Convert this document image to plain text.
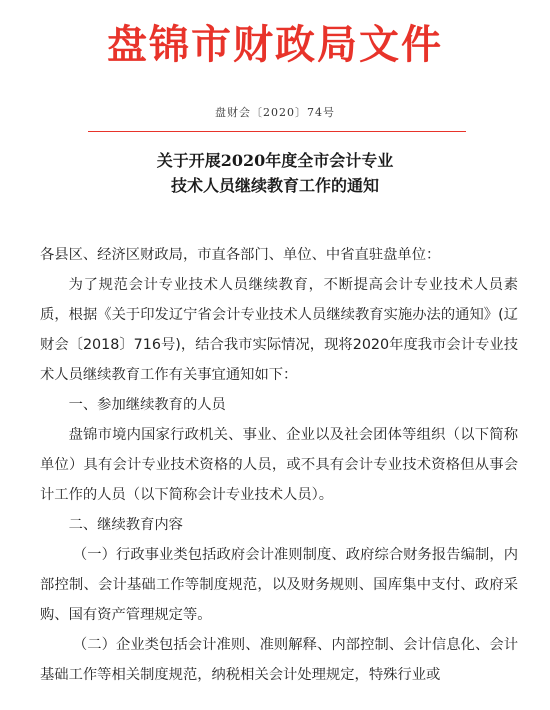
盘锦市财政局文件
盘财会〔2020〕74号
关于开展2020年度全市会计专业
技术人员继续教育工作的通知

各县区、经济区财政局，市直各部门、单位、中省直驻盘单位：

为了规范会计专业技术人员继续教育，不断提高会计专业技术人员素质，根据《关于印发辽宁省会计专业技术人员继续教育实施办法的通知》(辽财会〔2018〕716号)，结合我市实际情况，现将2020年度我市会计专业技术人员继续教育工作有关事宜通知如下：

一、参加继续教育的人员

盘锦市境内国家行政机关、事业、企业以及社会团体等组织（以下简称单位）具有会计专业技术资格的人员，或不具有会计专业技术资格但从事会计工作的人员（以下简称会计专业技术人员）。

二、继续教育内容

（一）行政事业类包括政府会计准则制度、政府综合财务报告编制，内部控制、会计基础工作等制度规范，以及财务规则、国库集中支付、政府采购、国有资产管理规定等。

（二）企业类包括会计准则、准则解释、内部控制、会计信息化、会计基础工作等相关制度规范，纳税相关会计处理规定，特殊行业或
